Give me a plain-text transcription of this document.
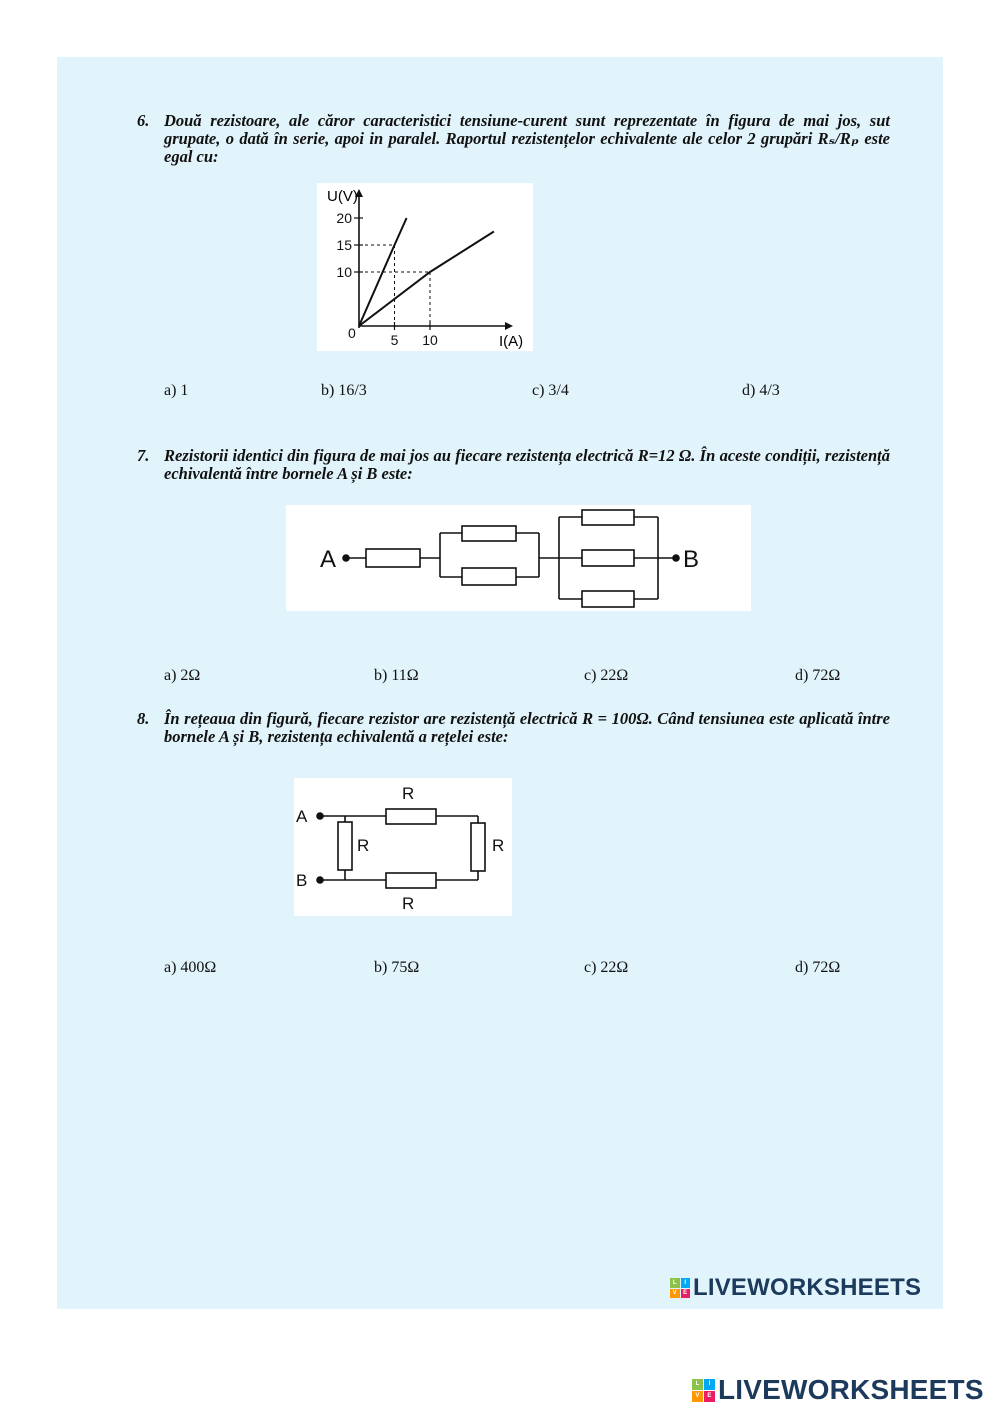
6. Două rezistoare, ale căror caracteristici tensiune-curent sunt reprezentate în figura de mai jos, sut grupate, o dată în serie, apoi in paralel. Raportul rezistențelor echivalente ale celor 2 grupări Rₛ/Rₚ este egal cu:
10
15
20
0 5 10
U(V)
I(A)
a) 1	b) 16/3	c) 3/4	d) 4/3
7. Rezistorii identici din figura de mai jos au fiecare rezistența electrică R=12 Ω. În aceste condiții, rezistență echivalentă între bornele A și B este:
A	B
a) 2Ω	b) 11Ω	c) 22Ω	d) 72Ω
8. În rețeaua din figură, fiecare rezistor are rezistență electrică R = 100Ω. Când tensiunea este aplicată între bornele A și B, rezistența echivalentă a rețelei este:
A
B
R
R
R	R
a) 400Ω	b) 75Ω	c) 22Ω	d) 72Ω
L	I
V	E LIVEWORKSHEETS
L	I
V	E LIVEWORKSHEETS
